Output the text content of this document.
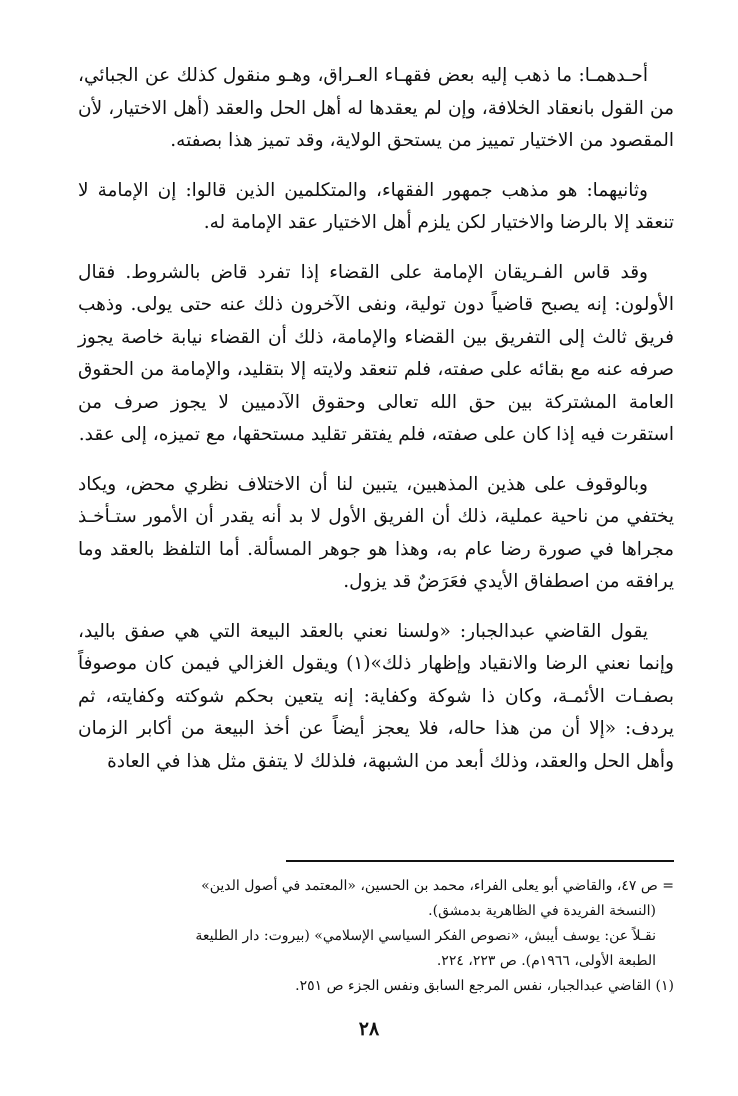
أحـدهمـا: ما ذهب إليه بعض فقهـاء العـراق، وهـو منقول كذلك عن الجبائي، من القول بانعقاد الخلافة، وإن لم يعقدها له أهل الحل والعقد (أهل الاختيار، لأن المقصود من الاختيار تمييز من يستحق الولاية، وقد تميز هذا بصفته.

وثانيهما: هو مذهب جمهور الفقهاء، والمتكلمين الذين قالوا: إن الإمامة لا تنعقد إلا بالرضا والاختيار لكن يلزم أهل الاختيار عقد الإمامة له.

وقد قاس الفـريقان الإمامة على القضاء إذا تفرد قاض بالشروط. فقال الأولون: إنه يصبح قاضياً دون تولية، ونفى الآخرون ذلك عنه حتى يولى. وذهب فريق ثالث إلى التفريق بين القضاء والإمامة، ذلك أن القضاء نيابة خاصة يجوز صرفه عنه مع بقائه على صفته، فلم تنعقد ولايته إلا بتقليد، والإمامة من الحقوق العامة المشتركة بين حق الله تعالى وحقوق الآدميين لا يجوز صرف من استقرت فيه إذا كان على صفته، فلم يفتقر تقليد مستحقها، مع تميزه، إلى عقد.

وبالوقوف على هذين المذهبين، يتبين لنا أن الاختلاف نظري محض، ويكاد يختفي من ناحية عملية، ذلك أن الفريق الأول لا بد أنه يقدر أن الأمور ستـأخـذ مجراها في صورة رضا عام به، وهذا هو جوهر المسألة. أما التلفظ بالعقد وما يرافقه من اصطفاق الأيدي فعَرَضٌ قد يزول.

يقول القاضي عبدالجبار: «ولسنا نعني بالعقد البيعة التي هي صفق باليد، وإنما نعني الرضا والانقياد وإظهار ذلك»(١) ويقول الغزالي فيمن كان موصوفاً بصفـات الأئمـة، وكان ذا شوكة وكفاية: إنه يتعين بحكم شوكته وكفايته، ثم يردف: «إلا أن من هذا حاله، فلا يعجز أيضاً عن أخذ البيعة من أكابر الزمان وأهل الحل والعقد، وذلك أبعد من الشبهة، فلذلك لا يتفق مثل هذا في العادة

= ص ٤٧، والقاضي أبو يعلى الفراء، محمد بن الحسين، «المعتمد في أصول الدين»
(النسخة الفريدة في الظاهرية بدمشق).
نقـلاً عن: يوسف أيبش، «نصوص الفكر السياسي الإسلامي» (بيروت: دار الطليعة
الطبعة الأولى، ١٩٦٦م). ص ٢٢٣، ٢٢٤.
(١) القاضي عبدالجبار، نفس المرجع السابق ونفس الجزء ص ٢٥١.
٢٨
